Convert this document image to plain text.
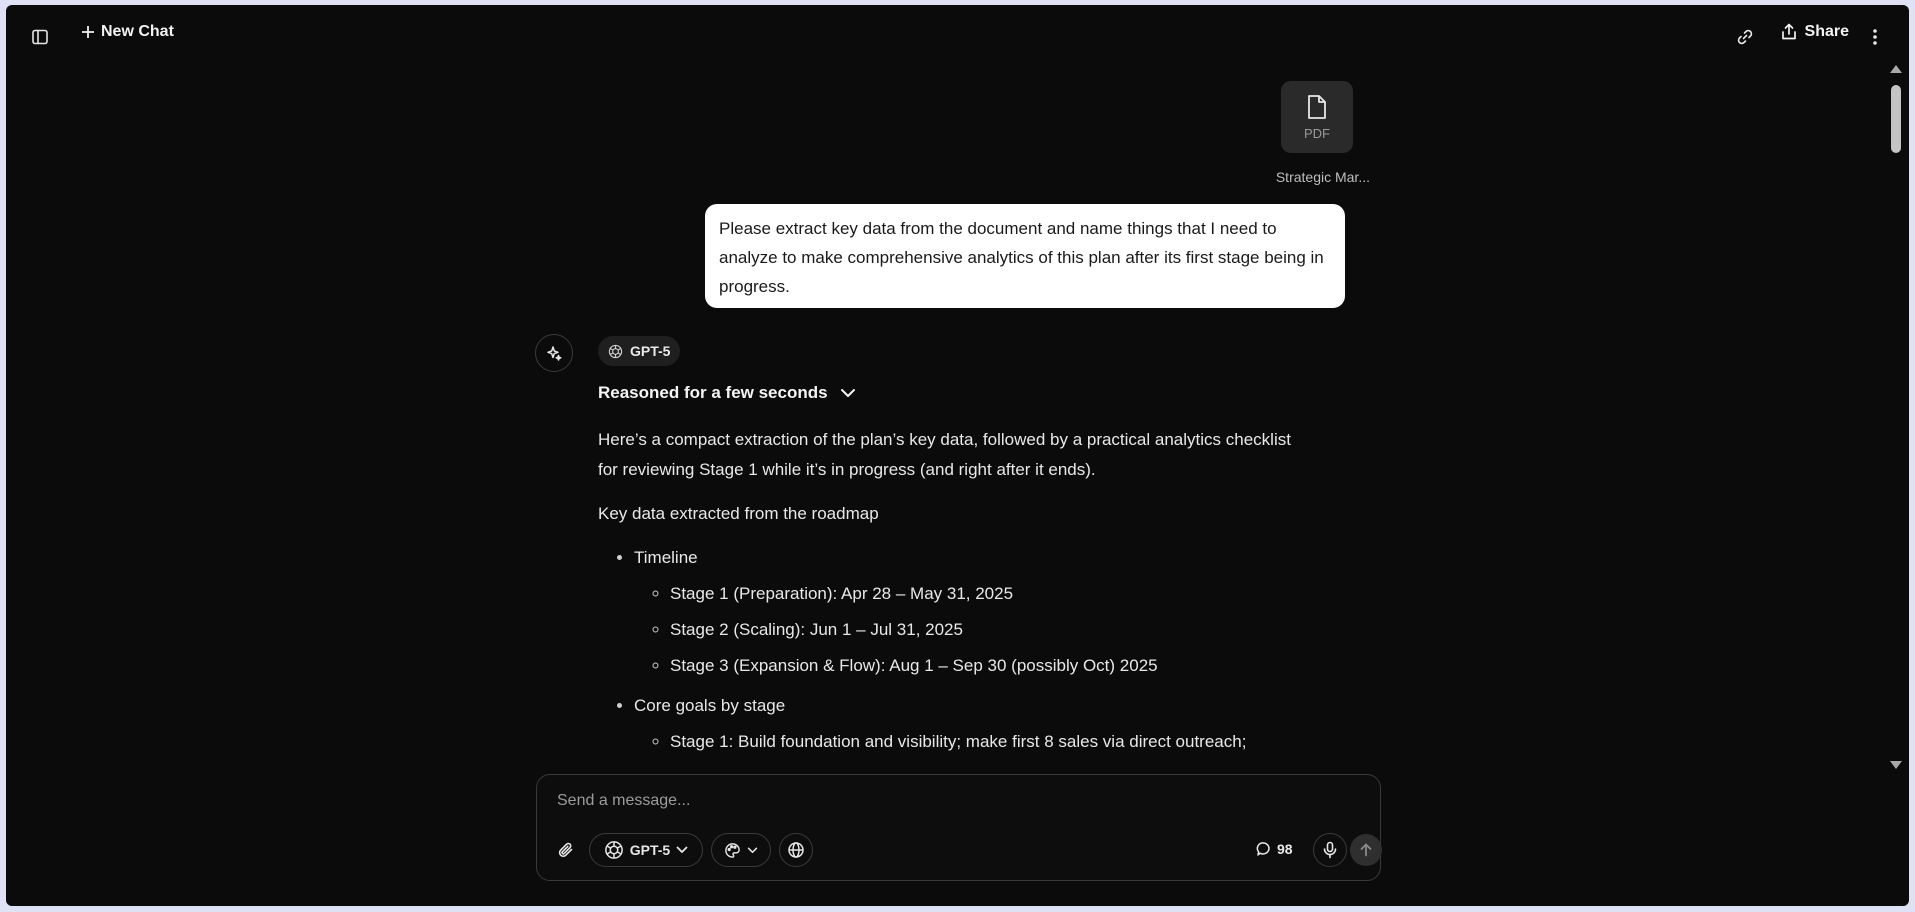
New Chat	Share
PDF
Strategic Mar...
Please extract key data from the document and name things that I need to analyze to make comprehensive analytics of this plan after its first stage being in progress.
GPT-5
Reasoned for a few seconds

Here’s a compact extraction of the plan’s key data, followed by a practical analytics checklist for reviewing Stage 1 while it’s in progress (and right after it ends).

Key data extracted from the roadmap

• Timeline
◦ Stage 1 (Preparation): Apr 28 – May 31, 2025
◦ Stage 2 (Scaling): Jun 1 – Jul 31, 2025
◦ Stage 3 (Expansion & Flow): Aug 1 – Sep 30 (possibly Oct) 2025
• Core goals by stage
◦ Stage 1: Build foundation and visibility; make first 8 sales via direct outreach;
Send a message...
GPT-5	98
